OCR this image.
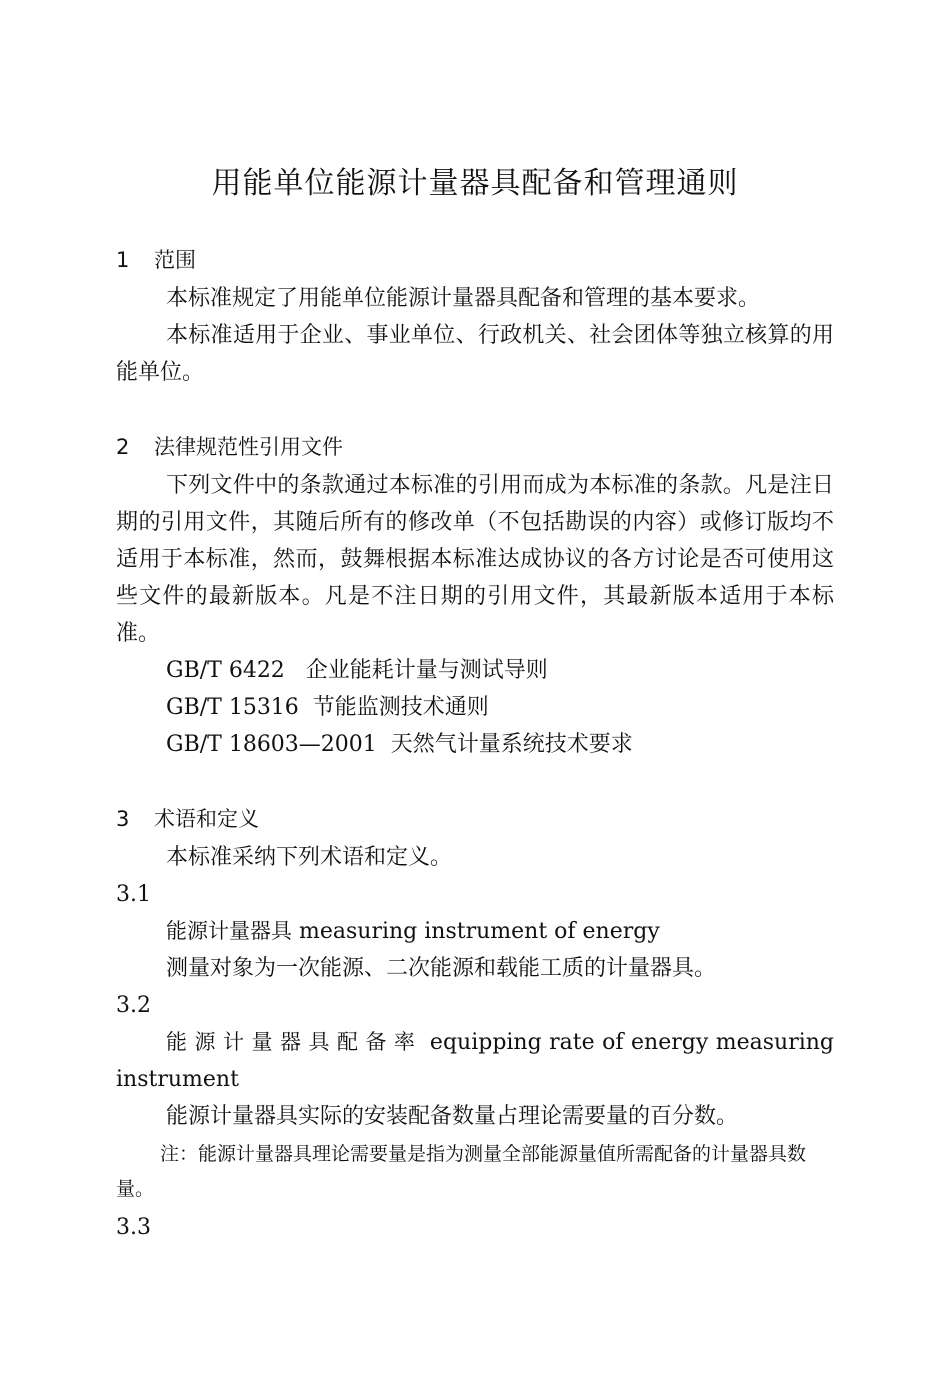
用能单位能源计量器具配备和管理通则
1	范围

本标准规定了用能单位能源计量器具配备和管理的基本要求。

本标准适用于企业、事业单位、行政机关、社会团体等独立核算的用能单位。

2	法律规范性引用文件

下列文件中的条款通过本标准的引用而成为本标准的条款。凡是注日期的引用文件，其随后所有的修改单（不包括勘误的内容）或修订版均不适用于本标准，然而，鼓舞根据本标准达成协议的各方讨论是否可使用这些文件的最新版本。凡是不注日期的引用文件，其最新版本适用于本标准。

GB/T 6422   企业能耗计量与测试导则

GB/T 15316  节能监测技术通则

GB/T 18603—2001  天然气计量系统技术要求

3	术语和定义

本标准采纳下列术语和定义。

3.1

能源计量器具 measuring instrument of energy

测量对象为一次能源、二次能源和载能工质的计量器具。

3.2

能源计量器具配备率 equipping rate of energy measuring instrument

能源计量器具实际的安装配备数量占理论需要量的百分数。

注：能源计量器具理论需要量是指为测量全部能源量值所需配备的计量器具数量。

3.3
